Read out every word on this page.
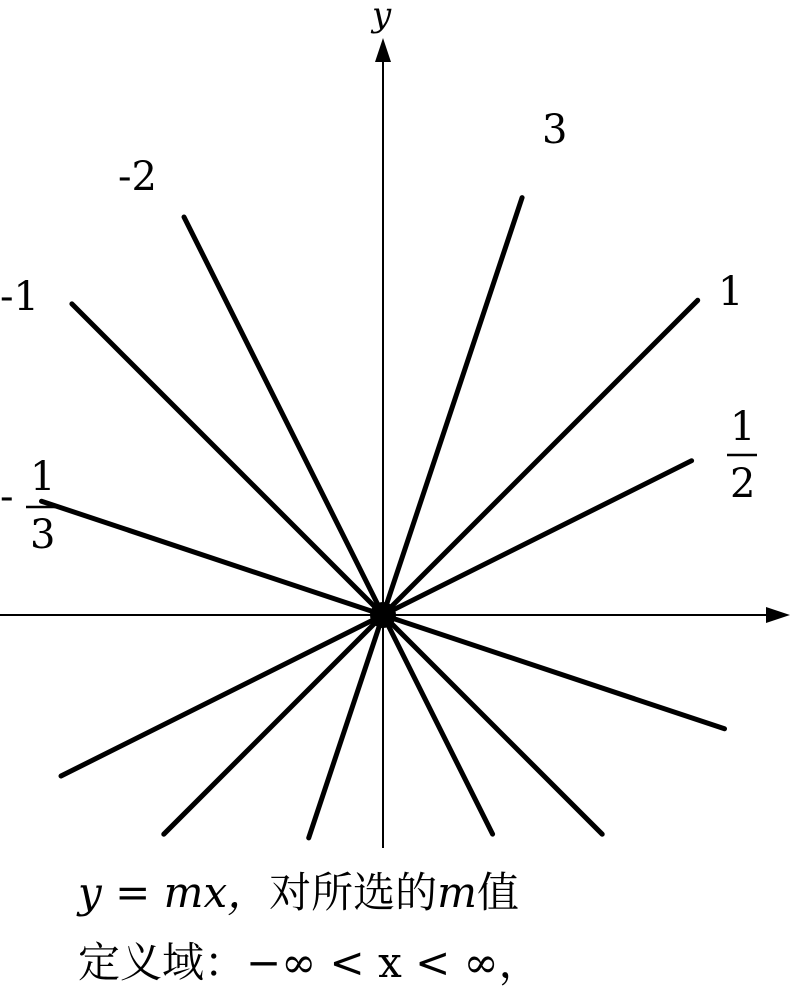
y
3
1
1
2
-2
-1
- 1
3
y = mx，对所选的m值
定义域：−∞ < x < ∞，
